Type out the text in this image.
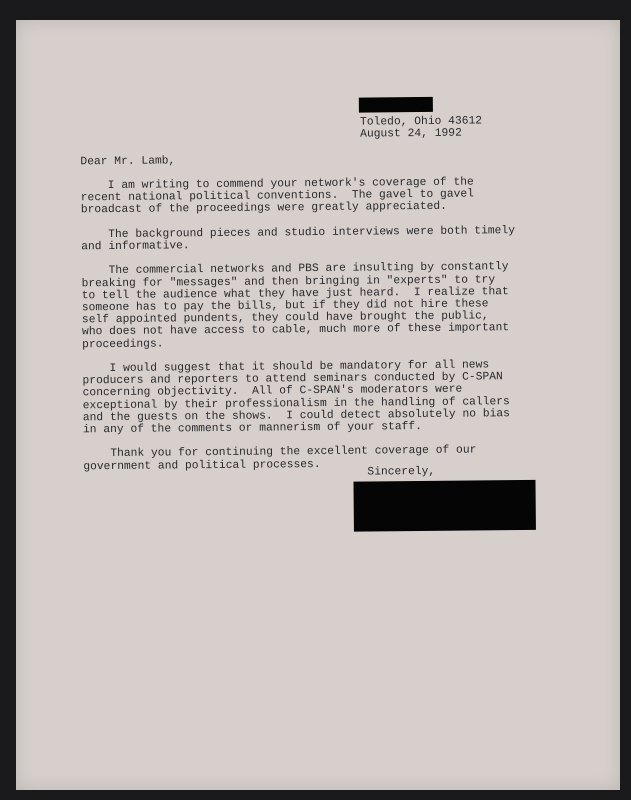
Toledo, Ohio 43612
August 24, 1992
Dear Mr. Lamb,
I am writing to commend your network's coverage of the
recent national political conventions.  The gavel to gavel
broadcast of the proceedings were greatly appreciated.
The background pieces and studio interviews were both timely
and informative.
The commercial networks and PBS are insulting by constantly
breaking for "messages" and then bringing in "experts" to try
to tell the audience what they have just heard.  I realize that
someone has to pay the bills, but if they did not hire these
self appointed pundents, they could have brought the public,
who does not have access to cable, much more of these important
proceedings.
I would suggest that it should be mandatory for all news
producers and reporters to attend seminars conducted by C-SPAN
concerning objectivity.  All of C-SPAN's moderators were
exceptional by their professionalism in the handling of callers
and the guests on the shows.  I could detect absolutely no bias
in any of the comments or mannerism of your staff.
Thank you for continuing the excellent coverage of our
government and political processes.	Sincerely,
